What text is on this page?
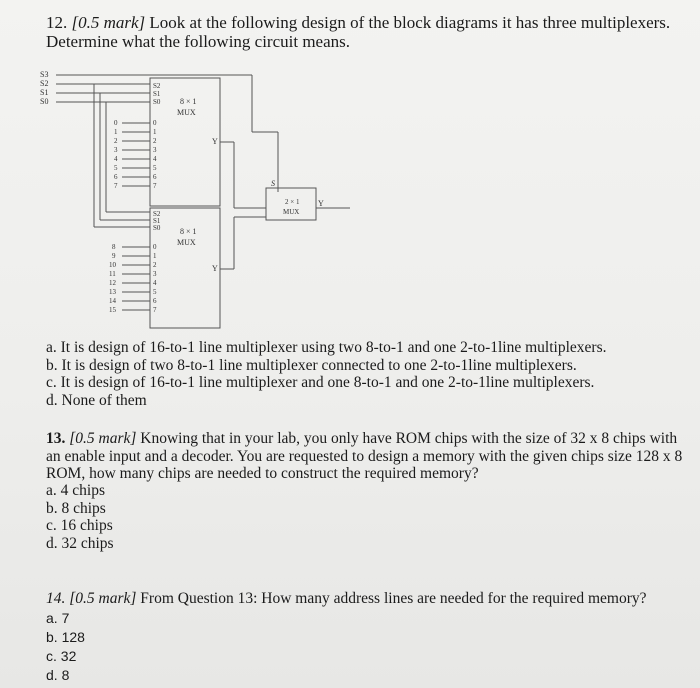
12. [0.5 mark] Look at the following design of the block diagrams it has three multiplexers. Determine what the following circuit means.
S3
S2
S1
S0	8 × 1
MUX
8 × 1
MUX
2 × 1
MUX
Y
Y
Y
S
0
1
2
3
4
5
6
7
0
1
2
3
4
5
6
7
8
9
10
11
12
13
14
15
0
1
2
3
4
5
6
7
S2
S1
S0
S2
S1
S0
a. It is design of 16-to-1 line multiplexer using two 8-to-1 and one 2-to-1line multiplexers.
b. It is design of two 8-to-1 line multiplexer connected to one 2-to-1line multiplexers.
c. It is design of 16-to-1 line multiplexer and one 8-to-1 and one 2-to-1line multiplexers.
d. None of them
13. [0.5 mark] Knowing that in your lab, you only have ROM chips with the size of 32 x 8 chips with an enable input and a decoder. You are requested to design a memory with the given chips size 128 x 8 ROM, how many chips are needed to construct the required memory?
a. 4 chips
b. 8 chips
c. 16 chips
d. 32 chips
14. [0.5 mark] From Question 13: How many address lines are needed for the required memory?
a. 7
b. 128
c. 32
d. 8
